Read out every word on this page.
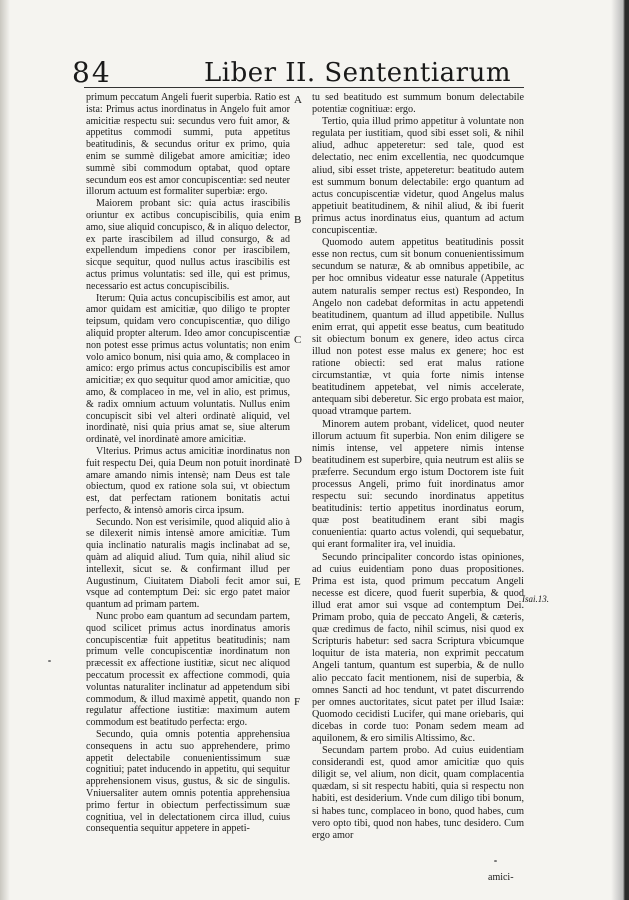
84	Liber II. Sententiarum

primum peccatum Angeli fuerit superbia. Ratio est ista: Primus actus inordinatus in Angelo fuit amor amicitiæ respectu sui: secundus vero fuit amor, & appetitus commodi summi, puta appetitus beatitudinis, & secundus oritur ex primo, quia enim se summè diligebat amore amicitiæ; ideo summè sibi commodum optabat, quod optare secundum eos est amor concupiscentiæ: sed neuter illorum actuum est formaliter superbiæ: ergo.

Maiorem probant sic: quia actus irascibilis oriuntur ex actibus concupiscibilis, quia enim amo, siue aliquid concupisco, & in aliquo delector, ex parte irascibilem ad illud consurgo, & ad expellendum impediens conor per irascibilem, sicque sequitur, quod nullus actus irascibilis est actus primus voluntatis: sed ille, qui est primus, necessario est actus concupiscibilis.

Iterum: Quia actus concupiscibilis est amor, aut amor quidam est amicitiæ, quo diligo te propter teipsum, quidam vero concupiscentiæ, quo diligo aliquid propter alterum. Ideo amor concupiscentiæ non potest esse primus actus voluntatis; non enim volo amico bonum, nisi quia amo, & complaceo in amico: ergo primus actus concupiscibilis est amor amicitiæ; ex quo sequitur quod amor amicitiæ, quo amo, & complaceo in me, vel in alio, est primus, & radix omnium actuum voluntatis. Nullus enim concupiscit sibi vel alteri ordinatè aliquid, vel inordinatè, nisi quia prius amat se, siue alterum ordinatè, vel inordinatè amore amicitiæ.

Vlterius. Primus actus amicitiæ inordinatus non fuit respectu Dei, quia Deum non potuit inordinatè amare amando nimis intensè; nam Deus est tale obiectum, quod ex ratione sola sui, vt obiectum est, dat perfectam rationem bonitatis actui perfecto, & intensò amoris circa ipsum.

Secundo. Non est verisimile, quod aliquid alio à se dilexerit nimis intensè amore amicitiæ. Tum quia inclinatio naturalis magis inclinabat ad se, quàm ad aliquid aliud. Tum quia, nihil aliud sic intellexit, sicut se. & confirmant illud per Augustinum, Ciuitatem Diaboli fecit amor sui, vsque ad contemptum Dei: sic ergo patet maior quantum ad primam partem.

Nunc probo eam quantum ad secundam partem, quod scilicet primus actus inordinatus amoris concupiscentiæ fuit appetitus beatitudinis; nam primum velle concupiscentiæ inordinatum non præcessit ex affectione iustitiæ, sicut nec aliquod peccatum processit ex affectione commodi, quia voluntas naturaliter inclinatur ad appetendum sibi commodum, & illud maximè appetit, quando non regulatur affectione iustitiæ: maximum autem commodum est beatitudo perfecta: ergo.

Secundo, quia omnis potentia apprehensiua consequens in actu suo apprehendere, primo appetit delectabile conuenientissimum suæ cognitiui; patet inducendo in appetitu, qui sequitur apprehensionem visus, gustus, & sic de singulis. Vniuersaliter autem omnis potentia apprehensiua primo fertur in obiectum perfectissimum suæ cognitiua, vel in delectationem circa illud, cuius consequentia sequitur appetere in appeti-

A
B
C
D
E
F

tu sed beatitudo est summum bonum delectabile potentiæ cognitiuæ: ergo.

Tertio, quia illud primo appetitur à voluntate non regulata per iustitiam, quod sibi esset soli, & nihil aliud, adhuc appeteretur: sed tale, quod est delectatio, nec enim excellentia, nec quodcumque aliud, sibi esset triste, appeteretur: beatitudo autem est summum bonum delectabile: ergo quantum ad actus concupiscentiæ videtur, quod Angelus malus appetiuit beatitudinem, & nihil aliud, & ibi fuerit primus actus inordinatus eius, quantum ad actum concupiscentiæ.

Quomodo autem appetitus beatitudinis possit esse non rectus, cum sit bonum conuenientissimum secundum se naturæ, & ab omnibus appetibile, ac per hoc omnibus videatur esse naturale (Appetitus autem naturalis semper rectus est) Respondeo, In Angelo non cadebat deformitas in actu appetendi beatitudinem, quantum ad illud appetibile. Nullus enim errat, qui appetit esse beatus, cum beatitudo sit obiectum bonum ex genere, ideo actus circa illud non potest esse malus ex genere; hoc est ratione obiecti: sed erat malus ratione circumstantiæ, vt quia forte nimis intense beatitudinem appetebat, vel nimis accelerate, antequam sibi deberetur. Sic ergo probata est maior, quoad vtramque partem.

Minorem autem probant, videlicet, quod neuter illorum actuum fit superbia. Non enim diligere se nimis intense, vel appetere nimis intense beatitudinem est superbire, quia neutrum est aliis se præferre. Secundum ergo istum Doctorem iste fuit processus Angeli, primo fuit inordinatus amor respectu sui: secundo inordinatus appetitus beatitudinis: tertio appetitus inordinatus eorum, quæ post beatitudinem erant sibi magis conuenientia: quarto actus volendi, qui sequebatur, qui erant formaliter ira, vel inuidia.

Secundo principaliter concordo istas opiniones, ad cuius euidentiam pono duas propositiones. Prima est ista, quod primum peccatum Angeli necesse est dicere, quod fuerit superbia, & quod illud erat amor sui vsque ad contemptum Dei. Primam probo, quia de peccato Angeli, & cæteris, quæ credimus de facto, nihil scimus, nisi quod ex Scripturis habetur: sed sacra Scriptura vbicumque loquitur de ista materia, non exprimit peccatum Angeli tantum, quantum est superbia, & de nullo alio peccato facit mentionem, nisi de superbia, & omnes Sancti ad hoc tendunt, vt patet discurrendo per omnes auctoritates, sicut patet per illud Isaiæ: Quomodo cecidisti Lucifer, qui mane oriebaris, qui dicebas in corde tuo: Ponam sedem meam ad aquilonem, & ero similis Altissimo, &c.

Secundam partem probo. Ad cuius euidentiam considerandi est, quod amor amicitiæ quo quis diligit se, vel alium, non dicit, quam complacentia quædam, si sit respectu habiti, quia si respectu non habiti, est desiderium. Vnde cum diligo tibi bonum, si habes tunc, complaceo in bono, quod habes, cum vero opto tibi, quod non habes, tunc desidero. Cum ergo amor

Isai.13.
amici-
